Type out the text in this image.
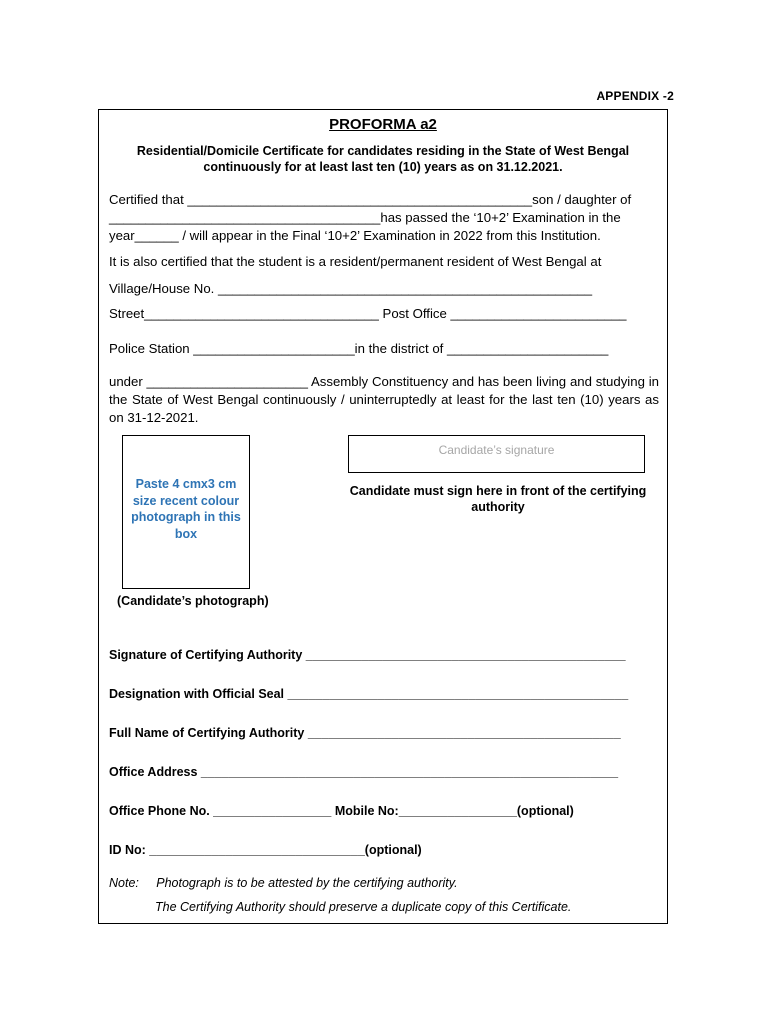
APPENDIX -2
PROFORMA a2
Residential/Domicile Certificate for candidates residing in the State of West Bengal
continuously for at least last ten (10) years as on 31.12.2021.
Certified that _______________________________________________son / daughter of
_____________________________________has passed the ‘10+2’ Examination in the
year______ / will appear in the Final ‘10+2’ Examination in 2022 from this Institution.
It is also certified that the student is a resident/permanent resident of West Bengal at
Village/House No. ___________________________________________________
Street________________________________ Post Office ________________________
Police Station ______________________in the district of ______________________
under ______________________ Assembly Constituency and has been living and studying in the State of West Bengal continuously / uninterruptedly at least for the last ten (10) years as on 31-12-2021.
Paste 4 cmx3 cm size recent colour photograph in this box
(Candidate’s photograph)
Candidate’s signature
Candidate must sign here in front of the certifying authority
Signature of Certifying Authority ______________________________________________
Designation with Official Seal _________________________________________________
Full Name of Certifying Authority _____________________________________________
Office Address ____________________________________________________________
Office Phone No. _________________ Mobile No:_________________(optional)
ID No: _______________________________(optional)
Note:     Photograph is to be attested by the certifying authority.
The Certifying Authority should preserve a duplicate copy of this Certificate.
